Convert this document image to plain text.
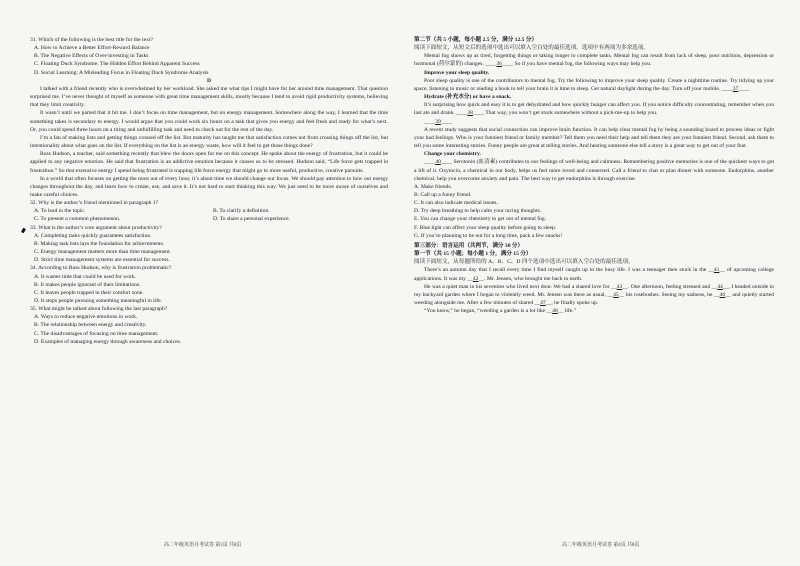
31. Which of the following is the best title for the text?
A. How to Achieve a Better Effort-Reward Balance
B. The Negative Effects of Over-investing in Tasks
C. Floating Duck Syndrome: The Hidden Effort Behind Apparent Success
D. Social Learning: A Misleading Focus in Floating Duck Syndrome Analysis
D

I talked with a friend recently who is overwhelmed by her workload. She asked me what tips I might have for her around time management. That question surprised me. I’ve never thought of myself as someone with great time management skills, mostly because I tend to avoid rigid productivity systems, believing that they limit creativity.

It wasn’t until we parted that it hit me. I don’t focus on time management, but on energy management. Somewhere along the way, I learned that the time something takes is secondary to energy. I would argue that you could work six hours on a task that gives you energy and feel fresh and ready for what’s next. Or, you could spend three hours on a tiring and unfulfilling task and need to check out for the rest of the day.

I’m a fan of making lists and getting things crossed off the list. But maturity has taught me that satisfaction comes not from crossing things off the list, but intentionality about what goes on the list. If everything on the list is an energy waste, how will it feel to get those things done?

Russ Hudson, a teacher, said something recently that blew the doors open for me on this concept. He spoke about the energy of frustration, but it could be applied to any negative emotion. He said that frustration is an addictive emotion because it causes us to be stressed. Hudson said, “Life force gets trapped in frustration.” So that extensive energy I spend being frustrated is trapping life force energy that might go to more useful, productive, creative pursuits.

In a world that often focuses on getting the most out of every hour, it’s about time we should change our focus. We should pay attention to how our energy changes throughout the day, and learn how to create, use, and save it. It’s not hard to start thinking this way. We just need to be more aware of ourselves and make careful choices.

32. Why is the author’s friend mentioned in paragraph 1?
A. To lead in the topic.	B. To clarify a definition.
C. To present a common phenomenon.	D. To share a personal experience.
33. What is the author’s core argument about productivity?
A. Completing tasks quickly guarantees satisfaction.
B. Making task lists lays the foundation for achievements.
C. Energy management matters more than time management.
D. Strict time management systems are essential for success.
34. According to Russ Hudson, why is frustration problematic?
A. It wastes time that could be used for work.
B. It makes people ignorant of their limitations.
C. It leaves people trapped in their comfort zone.
D. It stops people pursuing something meaningful in life.
35. What might be talked about following the last paragraph?
A. Ways to reduce negative emotions in work.
B. The relationship between energy and creativity.
C. The disadvantages of focusing on time management.
D. Examples of managing energy through awareness and choices.
第二节（共 5 小题，每小题 2.5 分，满分 12.5 分）
阅读下面短文，从短文后的选项中选出可以填入空白处的最佳选项。选项中有两项为多余选项。

Mental fog shows up as tired, forgetting things or taking longer to complete tasks. Mental fog can result from lack of sleep, poor nutrition, depression or hormonal (荷尔蒙的) changes. ____36____ So if you have mental fog, the following ways may help you.

Improve your sleep quality.

Poor sleep quality is one of the contributors to mental fog. Try the following to improve your sleep quality. Create a nighttime routine. Try tidying up your space, listening to music or reading a book to tell your brain it is time to sleep. Get natural daylight during the day. Turn off your mobile. ____37____

Hydrate (补充水分) or have a snack.

It’s surprising how quick and easy it is to get dehydrated and how quickly hunger can affect you. If you notice difficulty concentrating, remember when you last ate and drank. ____38____ That way, you won’t get stuck somewhere without a pick-me-up to help you.

____39____

A recent study suggests that social connection can improve brain function. It can help clear mental fog by being a sounding board to process ideas or fight your bad feelings. Who is your funniest friend or family member? Tell them you need their help and tell them they are your funniest friend. Second, ask them to tell you some interesting stories. Funny people are great at telling stories. And hearing someone else tell a story is a great way to get out of your fear.

Change your chemistry.

____40____ Serotonin (血清素) contributes to our feelings of well-being and calmness. Remembering positive memories is one of the quickest ways to get a lift of it. Oxytocin, a chemical in our body, helps us feel more loved and connected. Call a friend to chat or plan dinner with someone. Endorphins, another chemical, help you overcome anxiety and pain. The best way to get endorphins is through exercise.

A. Make friends.
B. Call up a funny friend.
C. It can also indicate medical issues.
D. Try deep breathing to help calm your racing thoughts.
E. You can change your chemistry to get out of mental fog.
F. Blue light can affect your sleep quality before going to sleep.
G. If you’re planning to be out for a long time, pack a few snacks!
第三部分：语言运用（共两节，满分 30 分）
第一节（共 15 小题；每小题 1 分，满分 15 分）
阅读下面短文，从每题所给的 A、B、C、D 四个选项中选出可以填入空白处的最佳选项。

There’s an autumn day that I recall every time I find myself caught up in the busy life. I was a teenager then stuck in the __41__ of upcoming college applications. It was my __42__. Mr. Jensen, who brought me back to earth.

He was a quiet man in his seventies who lived next door. We had a shared love for __43__. One afternoon, feeling stressed and __44__, I headed outside to my backyard garden where I began to violently weed. Mr. Jensen was there as usual, __45__ his rosebushes. Seeing my sadness, he __46__ and quietly started weeding alongside me. After a few minutes of shared __47__, he finally spoke up.

“You know,” he began, “weeding a garden is a lot like __48__ life.”

高二年级英语月考试卷 第3页 共8页	高二年级英语月考试卷 第4页 共8页
